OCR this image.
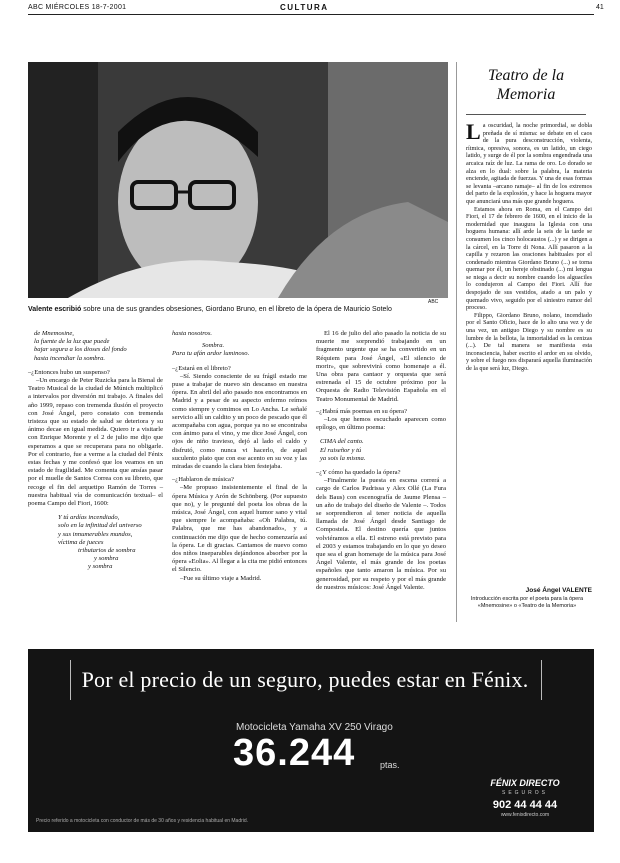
ABC MIÉRCOLES 18-7-2001	CULTURA	41
ABC
Valente escribió sobre una de sus grandes obsesiones, Giordano Bruno, en el libreto de la ópera de Mauricio Sotelo

de Mnemosine,

la fuente de la luz que puede

bajar segura a los dioses del fondo

hasta incendiar la sombra.

–¿Entonces hubo un suspenso?

–Un encargo de Peter Ruzicka para la Bienal de Teatro Musical de la ciudad de Múnich multiplicó a intervalos por diversión mi trabajo. A finales del año 1999, repaso con tremenda ilusión el proyecto con José Ángel, pero constato con tremenda tristeza que su estado de salud se deteriora y su ánimo decae en igual medida. Quiero ir a visitarle con Enrique Morente y el 2 de julio me dijo que esperamos a que se recuperara para no obligarle. Por el contrario, fue a verme a la ciudad del Fénix estas fechas y me confesó que los veamos en un estado de fragilidad. Me comenta que ansías pasar por el muelle de Santos Correa con su libreto, que recoge el fin del arquetipo Ramón de Torres –nuestra habitual vía de comunicación textual– el poema Campo del Fiori, 1600:

Y tú ardías incendiado,

solo en la infinitud del universo

y sus innumerables mundos,

víctima de jueces

tributarios de sombra

y sombra

y sombra

hasta nosotros.

Sombra.

Para tu afán ardor luminoso.

–¿Estará en el libreto?

–Sí. Siendo consciente de su frágil estado me puse a trabajar de nuevo sin descanso en nuestra ópera. En abril del año pasado nos encontramos en Madrid y a pesar de su aspecto enfermo reímos como siempre y comimos en Lo Ancha. Le señalé servicio allí un caldito y un poco de pescado que él acompañaba con agua, porque ya no se encontraba con ánimo para el vino, y me dice José Ángel, con ojos de niño travieso, dejó al lado el caldo y disfrutó, como nunca vi hacerlo, de aquel suculento plato que con ese acento en su voz y las miradas de cuando la clara bien festejaba.

–¿Hablaron de música?

–Me propuso insistentemente el final de la ópera Música y Arón de Schönberg. (Por supuesto que no), y le pregunté del poeta los obras de la música, José Ángel, con aquel humor sano y vital que siempre le acompañaba: «Oh Palabra, tú. Palabra, que me has abandonado», y a continuación me dijo que de hecho comenzaría así la ópera. Le di gracias. Cantamos de nuevo como dos niños inseparables dejándonos absorber por la ópera «Eolia». Al llegar a la cita me pidió entonces el Silencio.

–Fue su último viaje a Madrid.

El 16 de julio del año pasado la noticia de su muerte me sorprendió trabajando en un fragmento urgente que se ha convertido en un Réquiem para José Ángel, «El silencio de morir», que sobrevivirá como homenaje a él. Una obra para cantaor y orquesta que será estrenada el 15 de octubre próximo por la Orquesta de Radio Televisión Española en el Teatro Monumental de Madrid.

–¿Habrá más poemas en su ópera?

–Los que hemos escuchado aparecen como epílogo, en último poema:

CIMA del canto.

El ruiseñor y tú

ya sois la misma.

–¿Y cómo ha quedado la ópera?

–Finalmente la puesta en escena correrá a cargo de Carlos Padrissa y Alex Ollé (La Fura dels Baus) con escenografía de Jaume Plensa – un año de trabajo del diseño de Valente –. Todos se sorprendieron al tener noticia de aquella llamada de José Ángel desde Santiago de Compostela. El destino quería que juntos volviéramos a ella. El estreno está previsto para el 2003 y estamos trabajando en lo que yo deseo que sea el gran homenaje de la música para José Ángel Valente, el más grande de los poetas españoles que tanto amaron la música. Por su generosidad, por su respeto y por el más grande de nuestros músicos: José Ángel Valente.

Teatro de la
Memoria

La oscuridad, la noche primordial, se dobla preñada de sí misma: se debate en el caos de la pura desconstrucción, violenta, rítmica, opresiva, sonora, es un latido, un ciego latido, y surge de él por la sombra engendrada una arcaica raíz de luz. La rama de oro. Lo dorado se alza en lo dual: sobre la palabra, la materia enciende, agitada de fuerzas. Y una de esas formas se levanta –arcano ramaje– al fin de los extremos del parto de la explosión, y hace la hoguera mayor que anunciará una más que grande hoguera.

Estamos ahora en Roma, en el Campo dei Fiori, el 17 de febrero de 1600, en el inicio de la modernidad que inaugura la Iglesia con una hoguera humana: allí arde la seis de la tarde se consumen los cinco holocaustos (...) y se dirigen a la cárcel, en la Torre di Nona. Allí pasaron a la capilla y rezaron las oraciones habituales por el condenado mientras Giordano Bruno (...) se torna quemar por él, un hereje obstinado (...) mi lengua se niega a decir su nombre cuando los alguaciles lo condujeron al Campo dei Fiori. Allí fue despojado de sus vestidos, atado a un palo y quemado vivo, seguido por el siniestro rumor del proceso.

Filippo, Giordano Bruno, nolano, incendiado por el Santo Oficio, hace de lo alto una vez y de una vez, un antiguo Diego y su nombre es su lumbre de la bellota, la inmortalidad es la cenizas (...). De tal manera se manifiesta esta inconsciencia, haber escrito el ardor en su olvido, y sobre el fuego nos disparará aquella iluminación de la que será luz, Diego.

José Ángel VALENTE
Introducción escrita por el poeta para la ópera «Mnemosine» o «Teatro de la Memoria»
Por el precio de un seguro, puedes estar en Fénix.
Motocicleta Yamaha XV 250 Virago
36.244	ptas.
FÉNIX DIRECTO
SEGUROS
902 44 44 44
www.fenixdirecto.com
Precio referido a motocicleta con conductor de más de 30 años y residencia habitual en Madrid.
